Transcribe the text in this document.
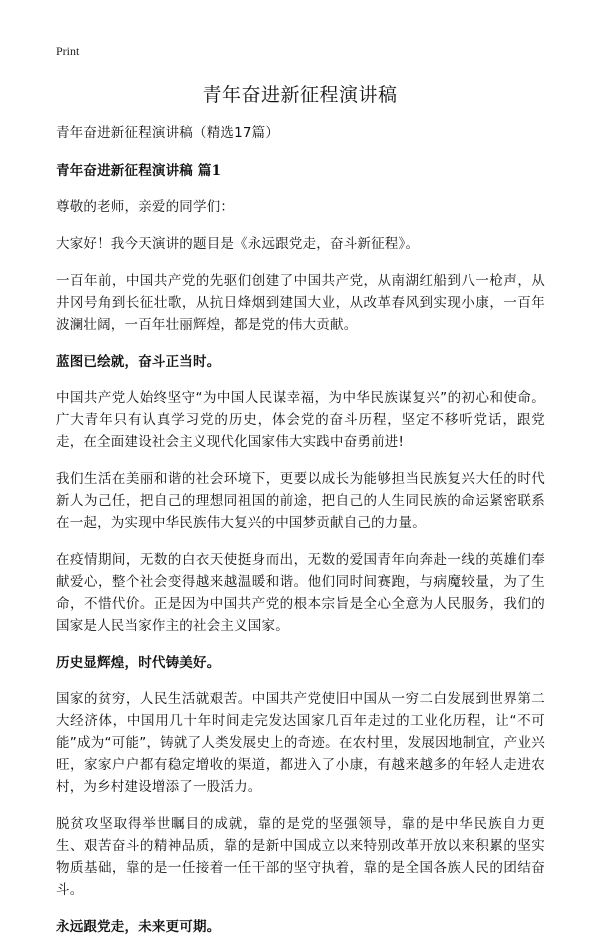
Print
青年奋进新征程演讲稿

青年奋进新征程演讲稿（精选17篇）

青年奋进新征程演讲稿 篇1

尊敬的老师，亲爱的同学们：

大家好！我今天演讲的题目是《永远跟党走，奋斗新征程》。

一百年前，中国共产党的先驱们创建了中国共产党，从南湖红船到八一枪声，从井冈号角到长征壮歌，从抗日烽烟到建国大业，从改革春风到实现小康，一百年波澜壮阔，一百年壮丽辉煌，都是党的伟大贡献。

蓝图已绘就，奋斗正当时。

中国共产党人始终坚守“为中国人民谋幸福，为中华民族谋复兴”的初心和使命。广大青年只有认真学习党的历史，体会党的奋斗历程，坚定不移听党话，跟党走，在全面建设社会主义现代化国家伟大实践中奋勇前进!

我们生活在美丽和谐的社会环境下，更要以成长为能够担当民族复兴大任的时代新人为己任，把自己的理想同祖国的前途，把自己的人生同民族的命运紧密联系在一起，为实现中华民族伟大复兴的中国梦贡献自己的力量。

在疫情期间，无数的白衣天使挺身而出，无数的爱国青年向奔赴一线的英雄们奉献爱心，整个社会变得越来越温暖和谐。他们同时间赛跑，与病魔较量，为了生命，不惜代价。正是因为中国共产党的根本宗旨是全心全意为人民服务，我们的国家是人民当家作主的社会主义国家。

历史显辉煌，时代铸美好。

国家的贫穷，人民生活就艰苦。中国共产党使旧中国从一穷二白发展到世界第二大经济体，中国用几十年时间走完发达国家几百年走过的工业化历程，让“不可能”成为“可能”，铸就了人类发展史上的奇迹。在农村里，发展因地制宜，产业兴旺，家家户户都有稳定增收的渠道，都进入了小康，有越来越多的年轻人走进农村，为乡村建设增添了一股活力。

脱贫攻坚取得举世瞩目的成就，靠的是党的坚强领导，靠的是中华民族自力更生、艰苦奋斗的精神品质，靠的是新中国成立以来特别改革开放以来积累的坚实物质基础，靠的是一任接着一任干部的坚守执着，靠的是全国各族人民的团结奋斗。

永远跟党走，未来更可期。
